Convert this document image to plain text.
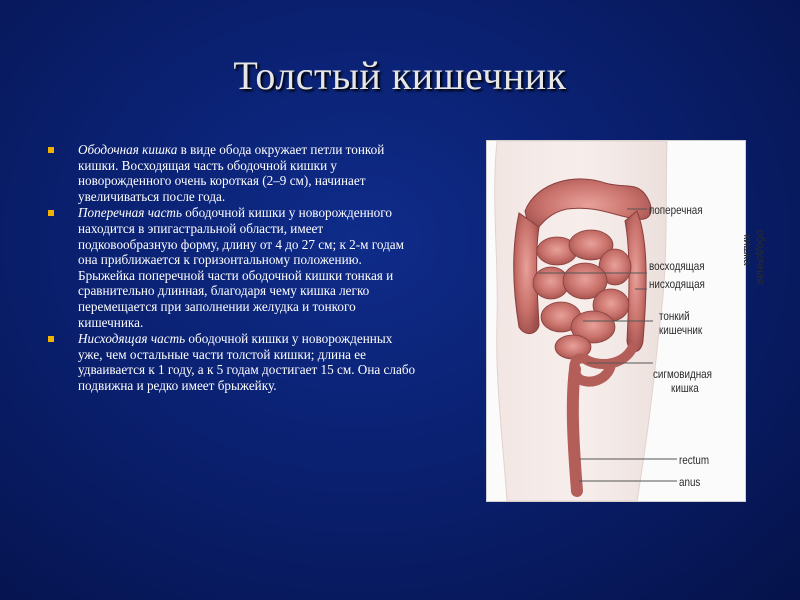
Толстый кишечник
Ободочная кишка в виде обода окружает петли тонкой кишки. Восходящая часть ободочной кишки у новорожденного очень короткая (2–9 см), начинает увеличиваться после года.
Поперечная часть ободочной кишки у новорожденного находится в эпигастральной области, имеет подковообразную форму, длину от 4 до 27 см; к 2-м годам она приближается к горизонтальному положению. Брыжейка поперечной части ободочной кишки тонкая и сравнительно длинная, благодаря чему кишка легко перемещается при заполнении желудка и тонкого кишечника.
Нисходящая часть ободочной кишки у новорожденных уже, чем остальные части толстой кишки; длина ее удваивается к 1 году, а к 5 годам достигает 15 см. Она слабо подвижна и редко имеет брыжейку.
поперечная
восходящая
нисходящая
тонкий
кишечник
сигмовидная
кишка
rectum
anus
ободочная
кишка
